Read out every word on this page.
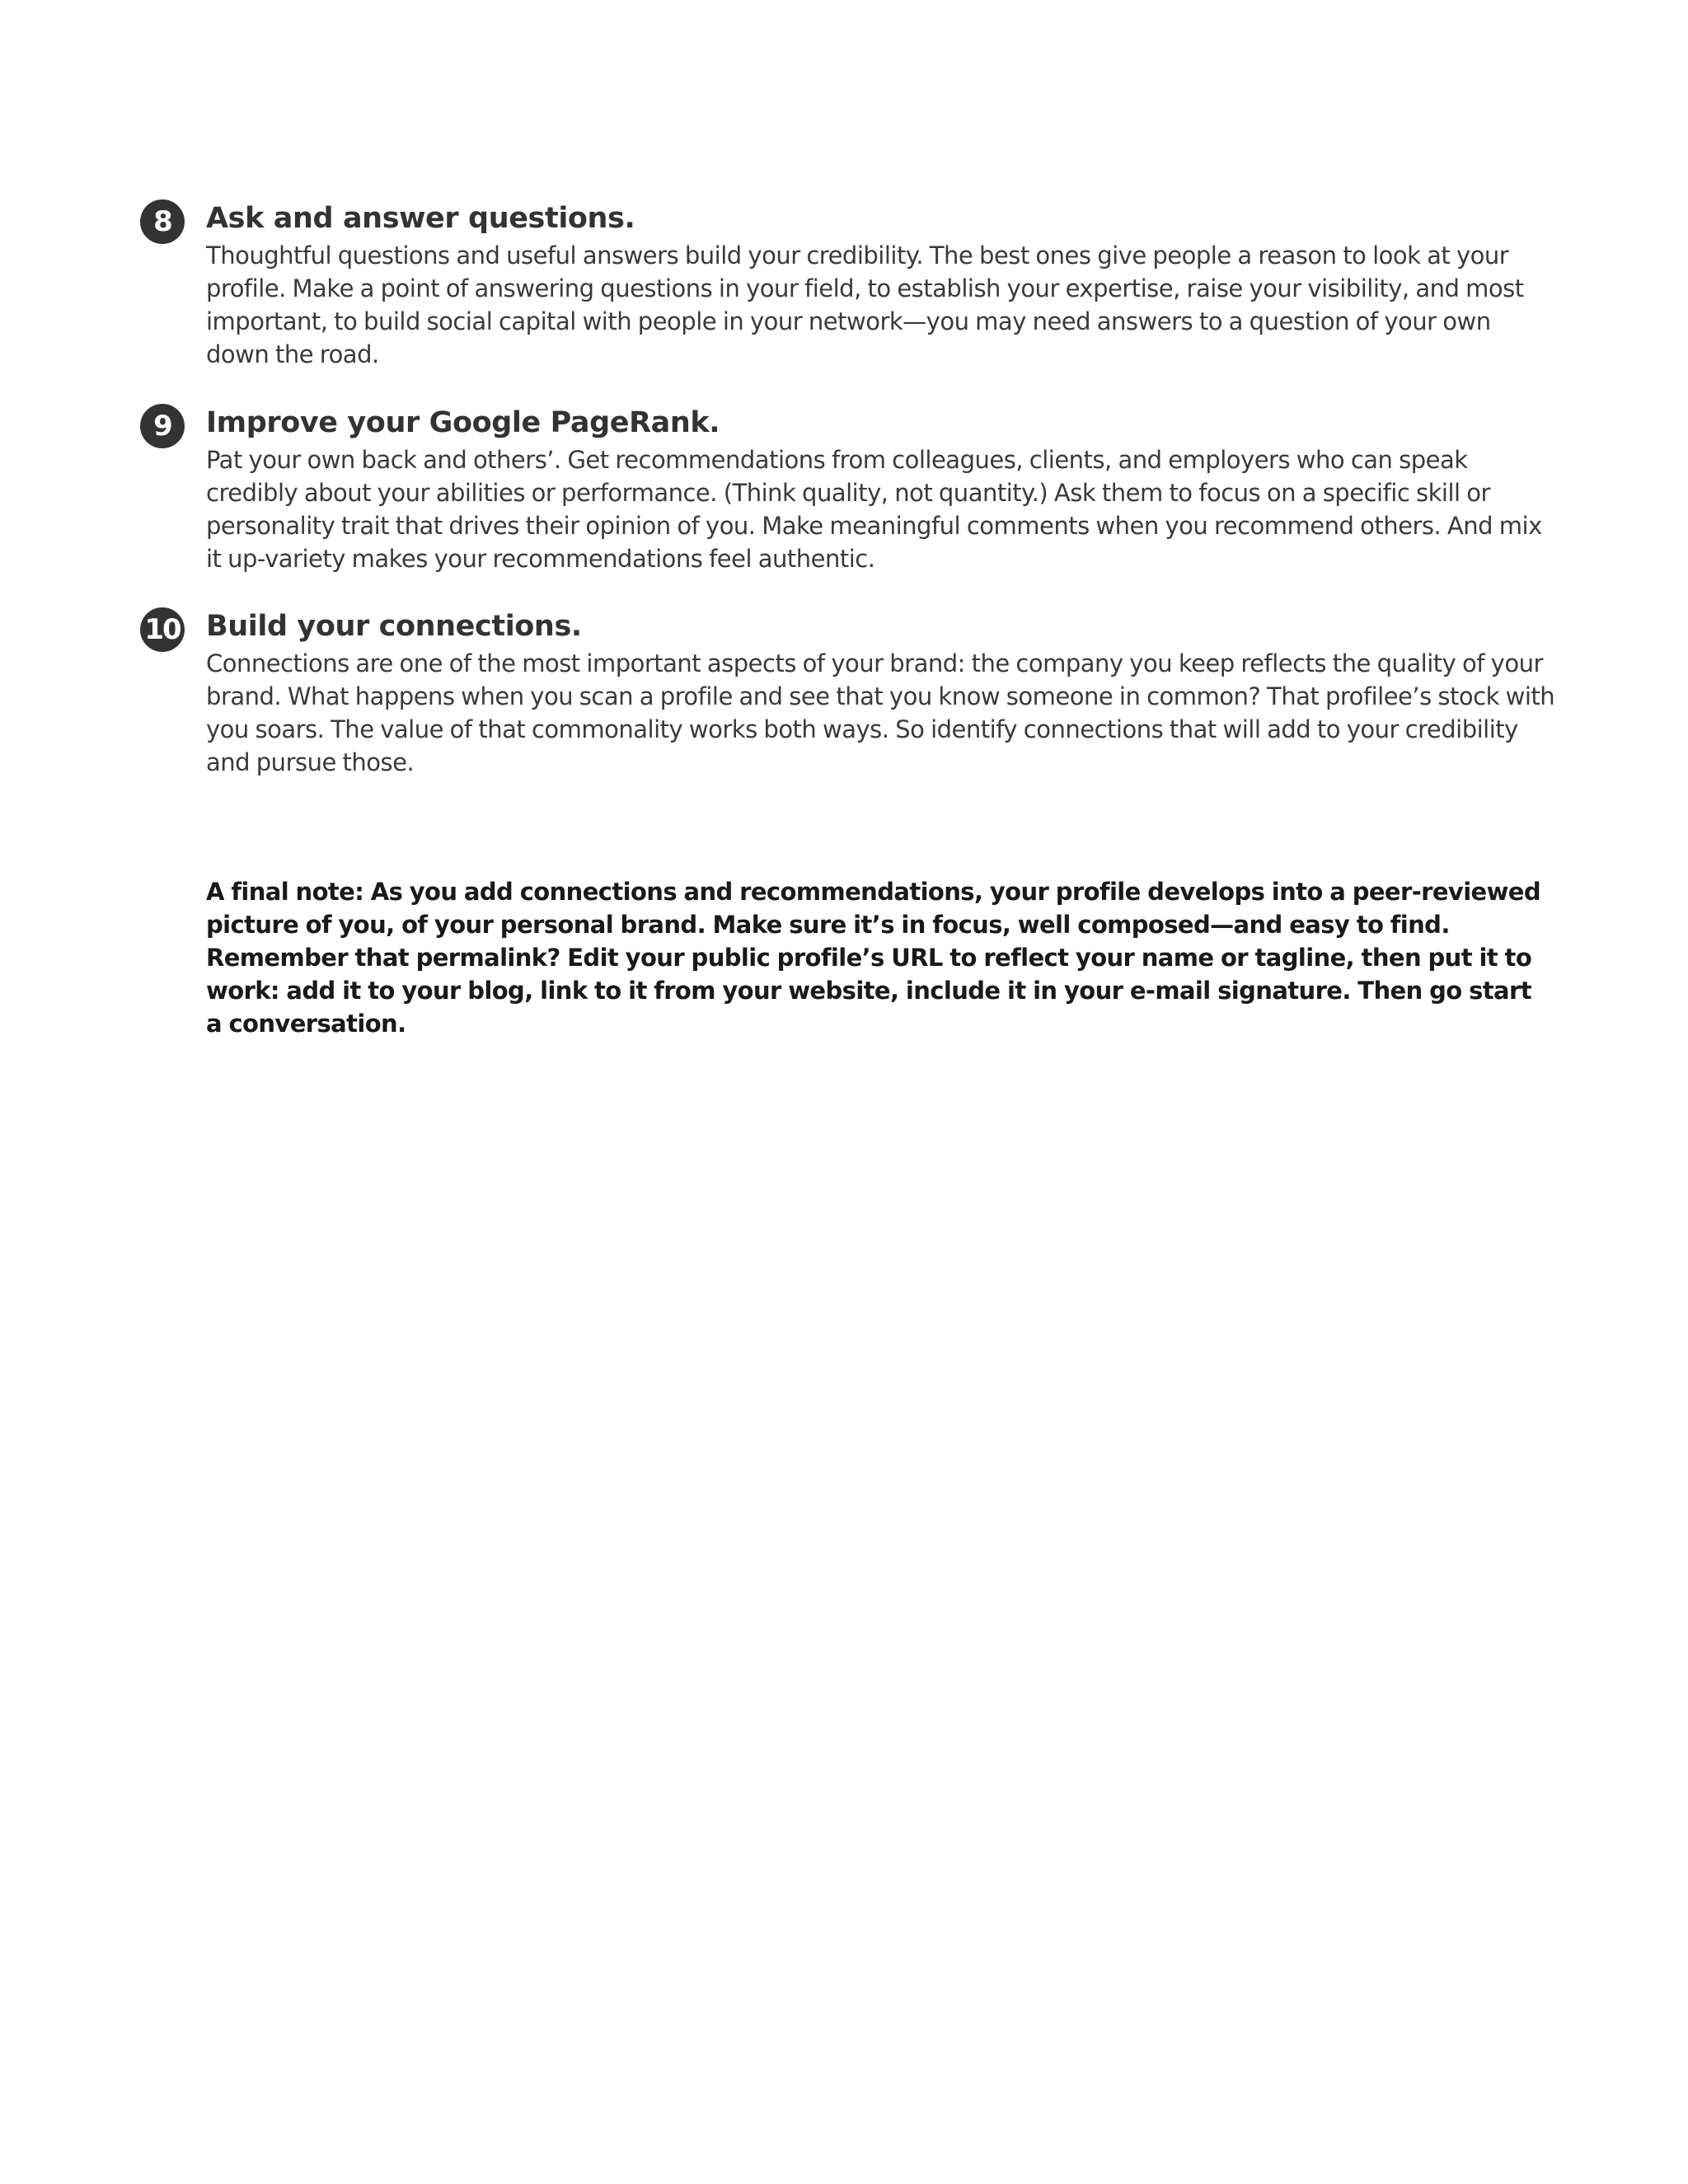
8	Ask and answer questions.

Thoughtful questions and useful answers build your credibility. The best ones give people a reason to look at your profile. Make a point of answering questions in your field, to establish your expertise, raise your visibility, and most important, to build social capital with people in your network—you may need answers to a question of your own down the road.

9	Improve your Google PageRank.

Pat your own back and others’. Get recommendations from colleagues, clients, and employers who can speak credibly about your abilities or performance. (Think quality, not quantity.) Ask them to focus on a specific skill or personality trait that drives their opinion of you. Make meaningful comments when you recommend others. And mix it up-variety makes your recommendations feel authentic.

10 Build your connections.

Connections are one of the most important aspects of your brand: the company you keep reflects the quality of your brand. What happens when you scan a profile and see that you know someone in common? That profilee’s stock with you soars. The value of that commonality works both ways. So identify connections that will add to your credibility and pursue those.

A final note: As you add connections and recommendations, your profile develops into a peer-reviewed picture of you, of your personal brand. Make sure it’s in focus, well composed—and easy to find. Remember that permalink? Edit your public profile’s URL to reflect your name or tagline, then put it to work: add it to your blog, link to it from your website, include it in your e-mail signature. Then go start a conversation.
